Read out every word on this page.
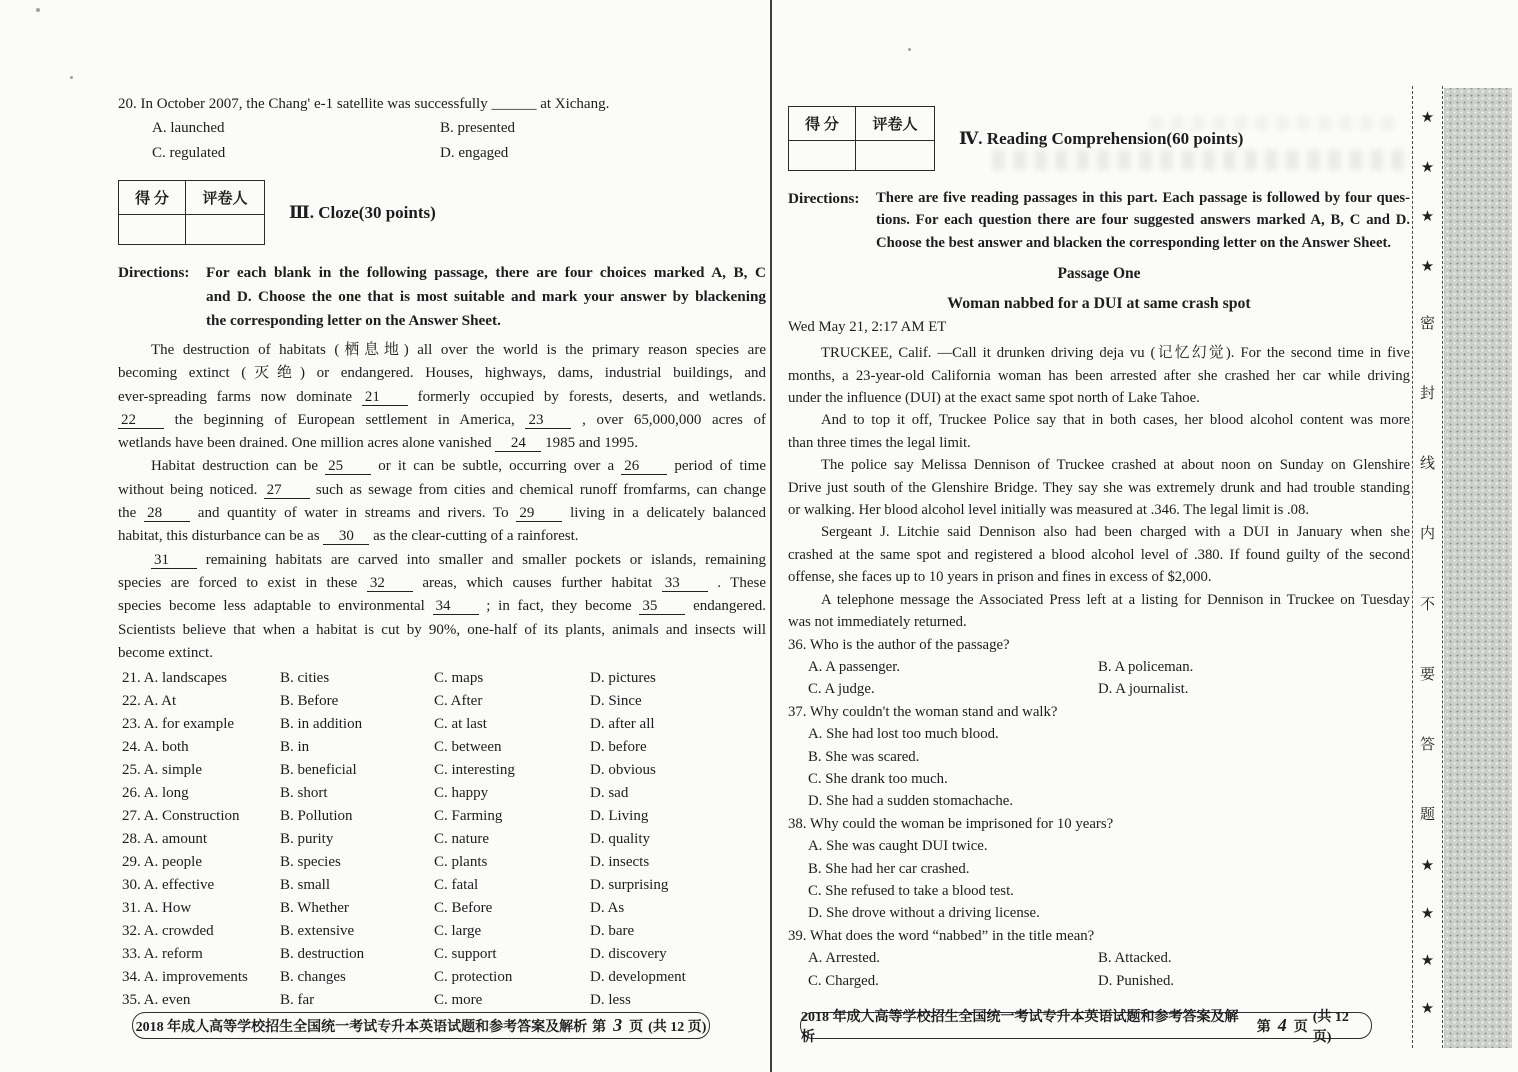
20. In October 2007, the Chang' e-1 satellite was successfully ______ at Xichang.
A. launched	B. presented
C. regulated	D. engaged
得 分	评卷人

Ⅲ. Cloze(30 points)
Directions: For each blank in the following passage, there are four choices marked A, B, C
and D. Choose the one that is most suitable and mark your answer by blackening
the corresponding letter on the Answer Sheet.
The destruction of habitats (栖息地) all over the world is the primary reason species are
becoming extinct (灭绝) or endangered. Houses, highways, dams, industrial buildings, and
ever-spreading farms now dominate 21 formerly occupied by forests, deserts, and wetlands.
22 the beginning of European settlement in America, 23 , over 65,000,000 acres of
wetlands have been drained. One million acres alone vanished 24 1985 and 1995.
Habitat destruction can be 25 or it can be subtle, occurring over a 26 period of time
without being noticed. 27 such as sewage from cities and chemical runoff fromfarms, can change
the 28 and quantity of water in streams and rivers. To 29 living in a delicately balanced
habitat, this disturbance can be as 30 as the clear-cutting of a rainforest.
31 remaining habitats are carved into smaller and smaller pockets or islands, remaining
species are forced to exist in these 32 areas, which causes further habitat 33 . These
species become less adaptable to environmental 34 ; in fact, they become 35 endangered.
Scientists believe that when a habitat is cut by 90%, one-half of its plants, animals and insects will
become extinct.
21. A. landscapes	B. cities	C. maps	D. pictures
22. A. At	B. Before	C. After	D. Since
23. A. for example	B. in addition	C. at last	D. after all
24. A. both	B. in	C. between	D. before
25. A. simple	B. beneficial	C. interesting	D. obvious
26. A. long	B. short	C. happy	D. sad
27. A. Construction	B. Pollution	C. Farming	D. Living
28. A. amount	B. purity	C. nature	D. quality
29. A. people	B. species	C. plants	D. insects
30. A. effective	B. small	C. fatal	D. surprising
31. A. How	B. Whether	C. Before	D. As
32. A. crowded	B. extensive	C. large	D. bare
33. A. reform	B. destruction	C. support	D. discovery
34. A. improvements	B. changes	C. protection	D. development
35. A. even	B. far	C. more	D. less
得 分	评卷人

Ⅳ. Reading Comprehension(60 points)
Directions: There are five reading passages in this part. Each passage is followed by four ques-
tions. For each question there are four suggested answers marked A, B, C and D.
Choose the best answer and blacken the corresponding letter on the Answer Sheet.
Passage One
Woman nabbed for a DUI at same crash spot
Wed May 21, 2:17 AM ET
TRUCKEE, Calif. —Call it drunken driving deja vu (记忆幻觉). For the second time in five
months, a 23-year-old California woman has been arrested after she crashed her car while driving
under the influence (DUI) at the exact same spot north of Lake Tahoe.
And to top it off, Truckee Police say that in both cases, her blood alcohol content was more
than three times the legal limit.
The police say Melissa Dennison of Truckee crashed at about noon on Sunday on Glenshire
Drive just south of the Glenshire Bridge. They say she was extremely drunk and had trouble standing
or walking. Her blood alcohol level initially was measured at .346. The legal limit is .08.
Sergeant J. Litchie said Dennison also had been charged with a DUI in January when she
crashed at the same spot and registered a blood alcohol level of .380. If found guilty of the second
offense, she faces up to 10 years in prison and fines in excess of $2,000.
A telephone message the Associated Press left at a listing for Dennison in Truckee on Tuesday
was not immediately returned.
36. Who is the author of the passage?
A. A passenger.	B. A policeman.
C. A judge.	D. A journalist.
37. Why couldn't the woman stand and walk?
A. She had lost too much blood.
B. She was scared.
C. She drank too much.
D. She had a sudden stomachache.
38. Why could the woman be imprisoned for 10 years?
A. She was caught DUI twice.
B. She had her car crashed.
C. She refused to take a blood test.
D. She drove without a driving license.
39. What does the word “nabbed” in the title mean?
A. Arrested.	B. Attacked.
C. Charged.	D. Punished.
2018 年成人高等学校招生全国统一考试专升本英语试题和参考答案及解析 第 3 页 (共 12 页)
2018 年成人高等学校招生全国统一考试专升本英语试题和参考答案及解析
第 4 页
(共 12 页)
★
★
★
★
密
封
线
内
不
要
答
题
★
★
★
★
